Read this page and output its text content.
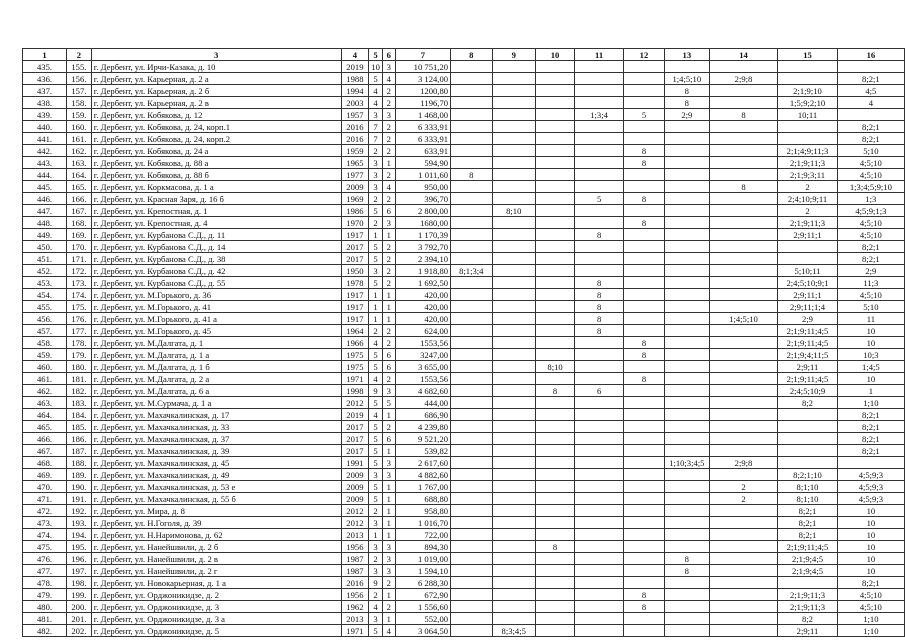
1	2	3	4	5	6	7	8	9	10	11	12	13	14	15	16
435.	155.	г. Дербент, ул. Ирчи-Казака, д. 10	2019	10	3	10 751,20									
436.	156.	г. Дербент, ул. Карьерная, д. 2 а	1988	5	4	3 124,00						1;4;5;10	2;9;8		8;2;1
437.	157.	г. Дербент, ул. Карьерная, д. 2 б	1994	4	2	1200,80						8		2;1;9;10	4;5
438.	158.	г. Дербент, ул. Карьерная, д. 2 в	2003	4	2	1196,70						8		1;5;9;2;10	4
439.	159.	г. Дербент, ул. Кобякова, д. 12	1957	3	3	1 468,00				1;3;4	5	2;9	8	10;11	
440.	160.	г. Дербент, ул. Кобякова, д. 24, корп.1	2016	7	2	6 333,91									8;2;1
441.	161.	г. Дербент, ул. Кобякова, д. 24, корп.2	2016	7	2	6 333,91									8;2;1
442.	162.	г. Дербент, ул. Кобякова, д. 24 а	1959	2	2	633,91					8			2;1;4;9;11;3	5;10
443.	163.	г. Дербент, ул. Кобякова, д. 88 а	1965	3	1	594,90					8			2;1;9;11;3	4;5;10
444.	164.	г. Дербент, ул. Кобякова, д. 88 б	1977	3	2	1 011,60	8							2;1;9;3;11	4;5;10
445.	165.	г. Дербент, ул. Коркмасова, д. 1 а	2009	3	4	950,00							8	2	1;3;4;5;9;10
446.	166.	г. Дербент, ул. Красная Заря, д. 16 б	1969	2	2	396,70				5	8			2;4;10;9;11	1;3
447.	167.	г. Дербент, ул. Крепостная, д. 1	1986	5	6	2 800,00		8;10						2	4;5;9;1;3
448.	168.	г. Дербент, ул. Крепостная, д. 4	1970	2	3	1680,00					8			2;1;9;11;3	4;5;10
449.	169.	г. Дербент, ул. Курбанова С.Д., д. 11	1917	1	1	1 170,39				8				2;9;11;1	4;5;10
450.	170.	г. Дербент, ул. Курбанова С.Д., д. 14	2017	5	2	3 792,70									8;2;1
451.	171.	г. Дербент, ул. Курбанова С.Д., д. 38	2017	5	2	2 394,10									8;2;1
452.	172.	г. Дербент, ул. Курбанова С.Д., д. 42	1950	3	2	1 918,80	8;1;3;4							5;10;11	2;9
453.	173.	г. Дербент, ул. Курбанова С.Д., д. 55	1978	5	2	1 692,50				8				2;4;5;10;9;1	11;3
454.	174.	г. Дербент, ул. М.Горького, д. 36	1917	1	1	420,00				8				2;9;11;1	4;5;10
455.	175.	г. Дербент, ул. М.Горького, д. 41	1917	1	1	420,00				8				2;9;11;1;4	5;10
456.	176.	г. Дербент, ул. М.Горького, д. 41 а	1917	1	1	420,00				8			1;4;5;10	2;9	11
457.	177.	г. Дербент, ул. М.Горького, д. 45	1964	2	2	624,00				8				2;1;9;11;4;5	10
458.	178.	г. Дербент, ул. М.Далгата, д. 1	1966	4	2	1553,56					8			2;1;9;11;4;5	10
459.	179.	г. Дербент, ул. М.Далгата, д. 1 а	1975	5	6	3247,00					8			2;1;9;4;11;5	10;3
460.	180.	г. Дербент, ул. М.Далгата, д. 1 б	1975	5	6	3 655,00			8;10					2;9;11	1;4;5
461.	181.	г. Дербент, ул. М.Далгата, д. 2 а	1971	4	2	1553,56					8			2;1;9;11;4;5	10
462.	182.	г. Дербент, ул. М.Далгата, д. 6 а	1998	9	3	4 682,60			8	6				2;4;5;10;9	1
463.	183.	г. Дербент, ул. М.Сурмача, д. 1 а	2012	5	5	444,00								8;2	1;10
464.	184.	г. Дербент, ул. Махачкалинская, д. 17	2019	4	1	686,90									8;2;1
465.	185.	г. Дербент, ул. Махачкалинская, д. 33	2017	5	2	4 239,80									8;2;1
466.	186.	г. Дербент, ул. Махачкалинская, д. 37	2017	5	6	9 521,20									8;2;1
467.	187.	г. Дербент, ул. Махачкалинская, д. 39	2017	5	1	539,82									8;2;1
468.	188.	г. Дербент, ул. Махачкалинская, д. 45	1991	5	3	2 617,60						1;10;3;4;5	2;9;8		
469.	189.	г. Дербент, ул. Махачкалинская, д. 49	2009	3	3	4 882,60								8;2;1;10	4;5;9;3
470.	190.	г. Дербент, ул. Махачкалинская, д. 53 е	2009	5	1	1 767,00							2	8;1;10	4;5;9;3
471.	191.	г. Дербент, ул. Махачкалинская, д. 55 б	2009	5	1	688,80							2	8;1;10	4;5;9;3
472.	192.	г. Дербент, ул. Мира, д. 8	2012	2	1	958,80								8;2;1	10
473.	193.	г. Дербент, ул. Н.Гоголя, д. 39	2012	3	1	1 016,70								8;2;1	10
474.	194.	г. Дербент, ул. Н.Наримонова, д. 62	2013	1	1	722,00								8;2;1	10
475.	195.	г. Дербент, ул. Нанейшвили, д. 2 б	1956	3	3	894,30			8					2;1;9;11;4;5	10
476.	196.	г. Дербент, ул. Нанейшвили, д. 2 в	1987	2	3	1 019,00						8		2;1;9;4;5	10
477.	197.	г. Дербент, ул. Нанейшвили, д. 2 г	1987	3	3	1 594,10						8		2;1;9;4;5	10
478.	198.	г. Дербент, ул. Новокарьерная, д. 1 а	2016	9	2	6 288,30									8;2;1
479.	199.	г. Дербент, ул. Орджоникидзе, д. 2	1956	2	1	672,90					8			2;1;9;11;3	4;5;10
480.	200.	г. Дербент, ул. Орджоникидзе, д. 3	1962	4	2	1 556,60					8			2;1;9;11;3	4;5;10
481.	201.	г. Дербент, ул. Орджоникидзе, д. 3 а	2013	3	1	552,00								8;2	1;10
482.	202.	г. Дербент, ул. Орджоникидзе, д. 5	1971	5	4	3 064,50		8;3;4;5						2;9;11	1;10
